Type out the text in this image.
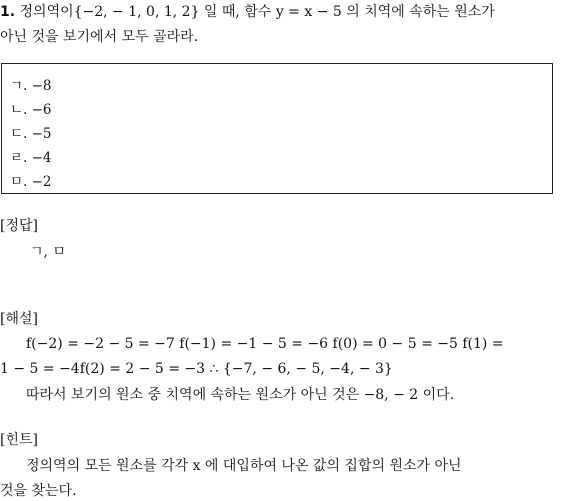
1. 정의역이{−2, − 1, 0, 1, 2} 일 때, 함수 y = x − 5 의 치역에 속하는 원소가
아닌 것을 보기에서 모두 골라라.
ㄱ. −8
ㄴ. −6
ㄷ. −5
ㄹ. −4
ㅁ. −2
[정답]
ㄱ, ㅁ
[해설]
f(−2) = −2 − 5 = −7 f(−1) = −1 − 5 = −6 f(0) = 0 − 5 = −5 f(1) =
1 − 5 = −4f(2) = 2 − 5 = −3 ∴ {−7, − 6, − 5, −4, − 3}
따라서 보기의 원소 중 치역에 속하는 원소가 아닌 것은 −8, − 2 이다.
[힌트]
정의역의 모든 원소를 각각 x 에 대입하여 나온 값의 집합의 원소가 아닌
것을 찾는다.
